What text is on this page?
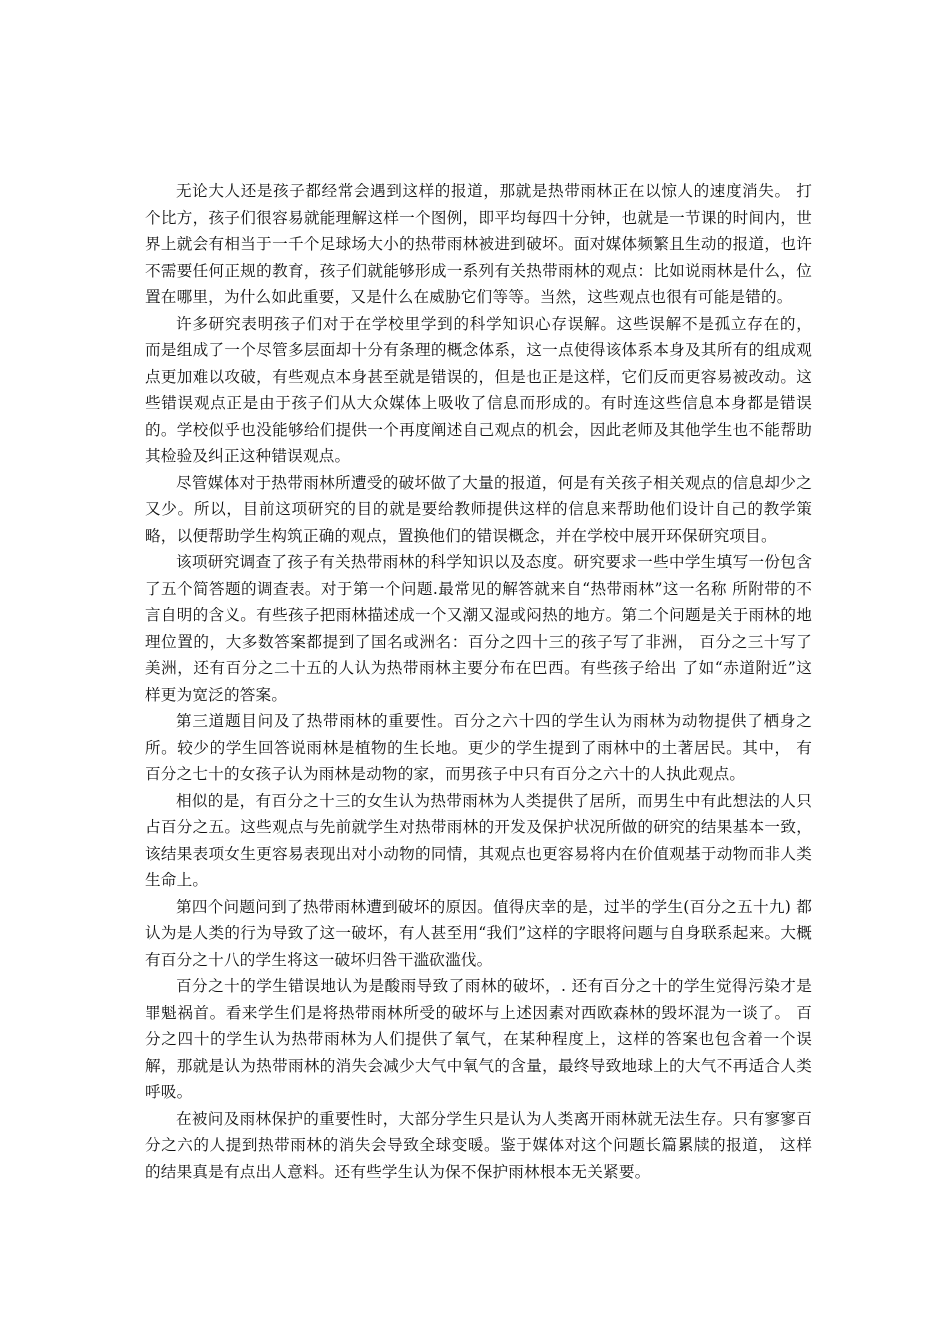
无论大人还是孩子都经常会遇到这样的报道，那就是热带雨林正在以惊人的速度消失。 打个比方，孩子们很容易就能理解这样一个图例，即平均每四十分钟，也就是一节课的时间内，世界上就会有相当于一千个足球场大小的热带雨林被进到破坏。面对媒体频繁且生动的报道，也许不需要任何正规的教育，孩子们就能够形成一系列有关热带雨林的观点：比如说雨林是什么，位置在哪里，为什么如此重要，又是什么在威胁它们等等。当然，这些观点也很有可能是错的。

许多研究表明孩子们对于在学校里学到的科学知识心存误解。这些误解不是孤立存在的， 而是组成了一个尽管多层面却十分有条理的概念体系，这一点使得该体系本身及其所有的组成观点更加难以攻破，有些观点本身甚至就是错误的，但是也正是这样，它们反而更容易被改动。这些错误观点正是由于孩子们从大众媒体上吸收了信息而形成的。有时连这些信息本身都是错误的。学校似乎也没能够给们提供一个再度阐述自己观点的机会，因此老师及其他学生也不能帮助其检验及纠正这种错误观点。

尽管媒体对于热带雨林所遭受的破坏做了大量的报道，何是有关孩子相关观点的信息却少之又少。所以，目前这项研究的目的就是要给教师提供这样的信息来帮助他们设计自己的教学策略，以便帮助学生构筑正确的观点，置换他们的错误概念，并在学校中展开环保研究项目。

该项研究调查了孩子有关热带雨林的科学知识以及态度。研究要求一些中学生填写一份包含了五个简答题的调查表。对于第一个问题.最常见的解答就来自“热带雨林”这一名称 所附带的不言自明的含义。有些孩子把雨林描述成一个又潮又湿或闷热的地方。第二个问题是关于雨林的地理位置的，大多数答案都提到了国名或洲名：百分之四十三的孩子写了非洲， 百分之三十写了美洲，还有百分之二十五的人认为热带雨林主要分布在巴西。有些孩子给出 了如“赤道附近”这样更为宽泛的答案。

第三道题目问及了热带雨林的重要性。百分之六十四的学生认为雨林为动物提供了栖身之所。较少的学生回答说雨林是植物的生长地。更少的学生提到了雨林中的土著居民。其中， 有百分之七十的女孩子认为雨林是动物的家，而男孩子中只有百分之六十的人执此观点。

相似的是，有百分之十三的女生认为热带雨林为人类提供了居所，而男生中有此想法的人只占百分之五。这些观点与先前就学生对热带雨林的开发及保护状况所做的研究的结果基本一致，该结果表项女生更容易表现出对小动物的同情，其观点也更容易将内在价值观基于动物而非人类生命上。

第四个问题问到了热带雨林遭到破坏的原因。值得庆幸的是，过半的学生(百分之五十九) 都认为是人类的行为导致了这一破坏，有人甚至用“我们”这样的字眼将问题与自身联系起来。大概有百分之十八的学生将这一破坏归咎干滥砍滥伐。

百分之十的学生错误地认为是酸雨导致了雨林的破坏，. 还有百分之十的学生觉得污染才是罪魁祸首。看来学生们是将热带雨林所受的破坏与上述因素对西欧森林的毁坏混为一谈了。 百分之四十的学生认为热带雨林为人们提供了氧气，在某种程度上，这样的答案也包含着一个误解，那就是认为热带雨林的消失会减少大气中氧气的含量，最终导致地球上的大气不再适合人类呼吸。

在被问及雨林保护的重要性时，大部分学生只是认为人类离开雨林就无法生存。只有寥寥百分之六的人提到热带雨林的消失会导致全球变暖。鉴于媒体对这个问题长篇累牍的报道， 这样的结果真是有点出人意料。还有些学生认为保不保护雨林根本无关紧要。
